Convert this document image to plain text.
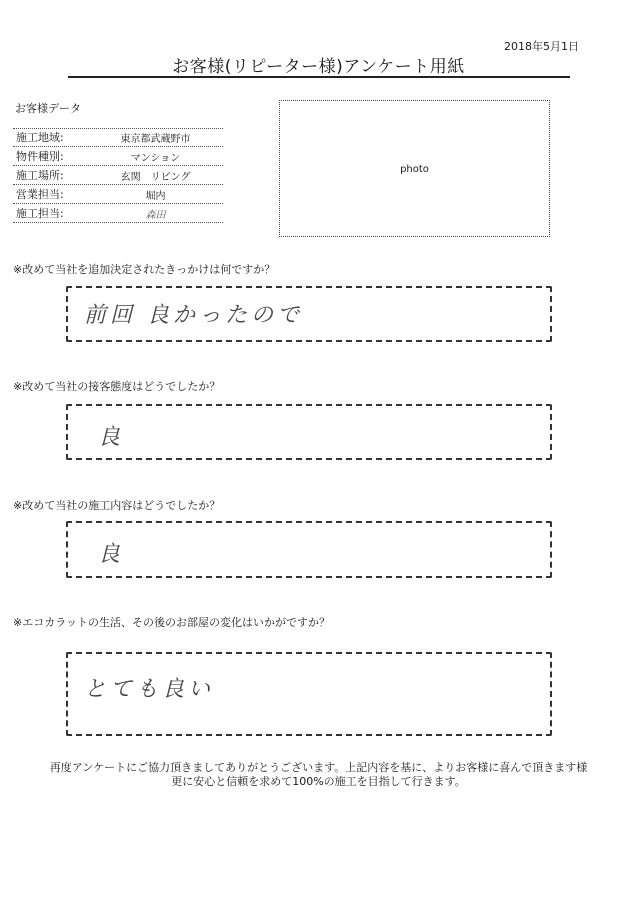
2018年5月1日
お客様(リピーター様)アンケート用紙
お客様データ
施工地域:	東京都武蔵野市
物件種別:	マンション
施工場所:	玄関　リビング
営業担当:	堀内
施工担当:	森田
photo
※改めて当社を追加決定されたきっかけは何ですか？
前回 良かったので
※改めて当社の接客態度はどうでしたか？
良
※改めて当社の施工内容はどうでしたか？
良
※エコカラットの生活、その後のお部屋の変化はいかがですか？
とても良い
再度アンケートにご協力頂きましてありがとうございます。上記内容を基に、よりお客様に喜んで頂きます様
更に安心と信頼を求めて100%の施工を目指して行きます。
